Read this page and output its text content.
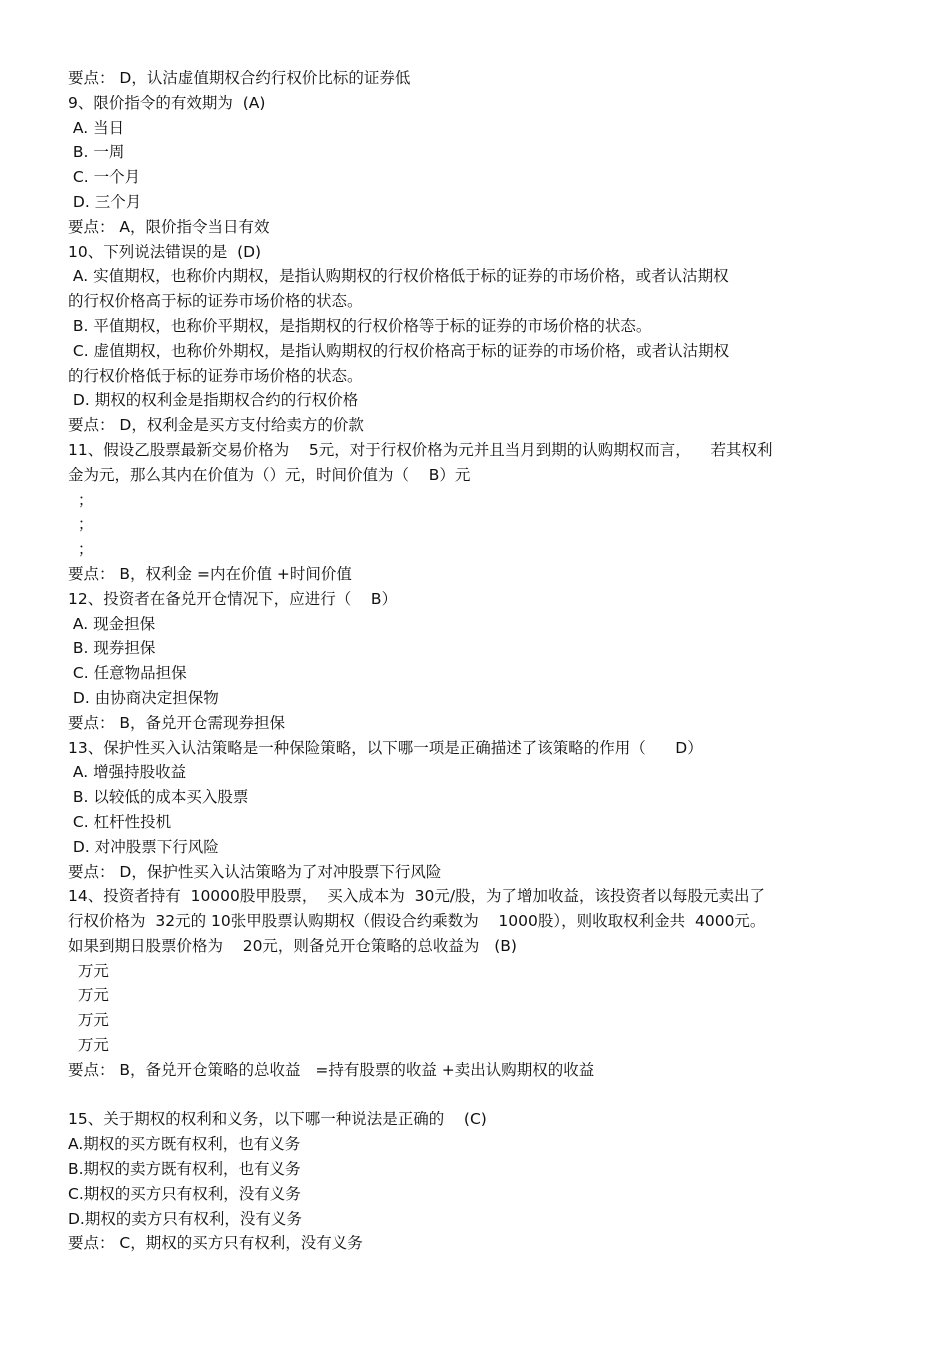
要点： D，认沽虚值期权合约行权价比标的证券低
9、限价指令的有效期为  (A)
A. 当日
B. 一周
C. 一个月
D. 三个月
要点： A，限价指令当日有效
10、下列说法错误的是  (D)
A. 实值期权，也称价内期权，是指认购期权的行权价格低于标的证券的市场价格，或者认沽期权
的行权价格高于标的证券市场价格的状态。
B. 平值期权，也称价平期权，是指期权的行权价格等于标的证券的市场价格的状态。
C. 虚值期权，也称价外期权，是指认购期权的行权价格高于标的证券的市场价格，或者认沽期权
的行权价格低于标的证券市场价格的状态。
D. 期权的权利金是指期权合约的行权价格
要点： D，权利金是买方支付给卖方的价款
11、假设乙股票最新交易价格为    5元，对于行权价格为元并且当月到期的认购期权而言，    若其权利
金为元，那么其内在价值为（）元，时间价值为（    B）元
；
；
；
要点： B，权利金 =内在价值 +时间价值
12、投资者在备兑开仓情况下，应进行（    B）
A. 现金担保
B. 现券担保
C. 任意物品担保
D. 由协商决定担保物
要点： B，备兑开仓需现券担保
13、保护性买入认沽策略是一种保险策略，以下哪一项是正确描述了该策略的作用（      D）
A. 增强持股收益
B. 以较低的成本买入股票
C. 杠杆性投机
D. 对冲股票下行风险
要点： D，保护性买入认沽策略为了对冲股票下行风险
14、投资者持有  10000股甲股票，  买入成本为  30元/股，为了增加收益，该投资者以每股元卖出了
行权价格为  32元的 10张甲股票认购期权（假设合约乘数为    1000股），则收取权利金共  4000元。
如果到期日股票价格为    20元，则备兑开仓策略的总收益为   (B)
万元
万元
万元
万元
要点： B，备兑开仓策略的总收益   =持有股票的收益 +卖出认购期权的收益
15、关于期权的权利和义务，以下哪一种说法是正确的    (C)
A.期权的买方既有权利，也有义务
B.期权的卖方既有权利，也有义务
C.期权的买方只有权利，没有义务
D.期权的卖方只有权利，没有义务
要点： C，期权的买方只有权利，没有义务
